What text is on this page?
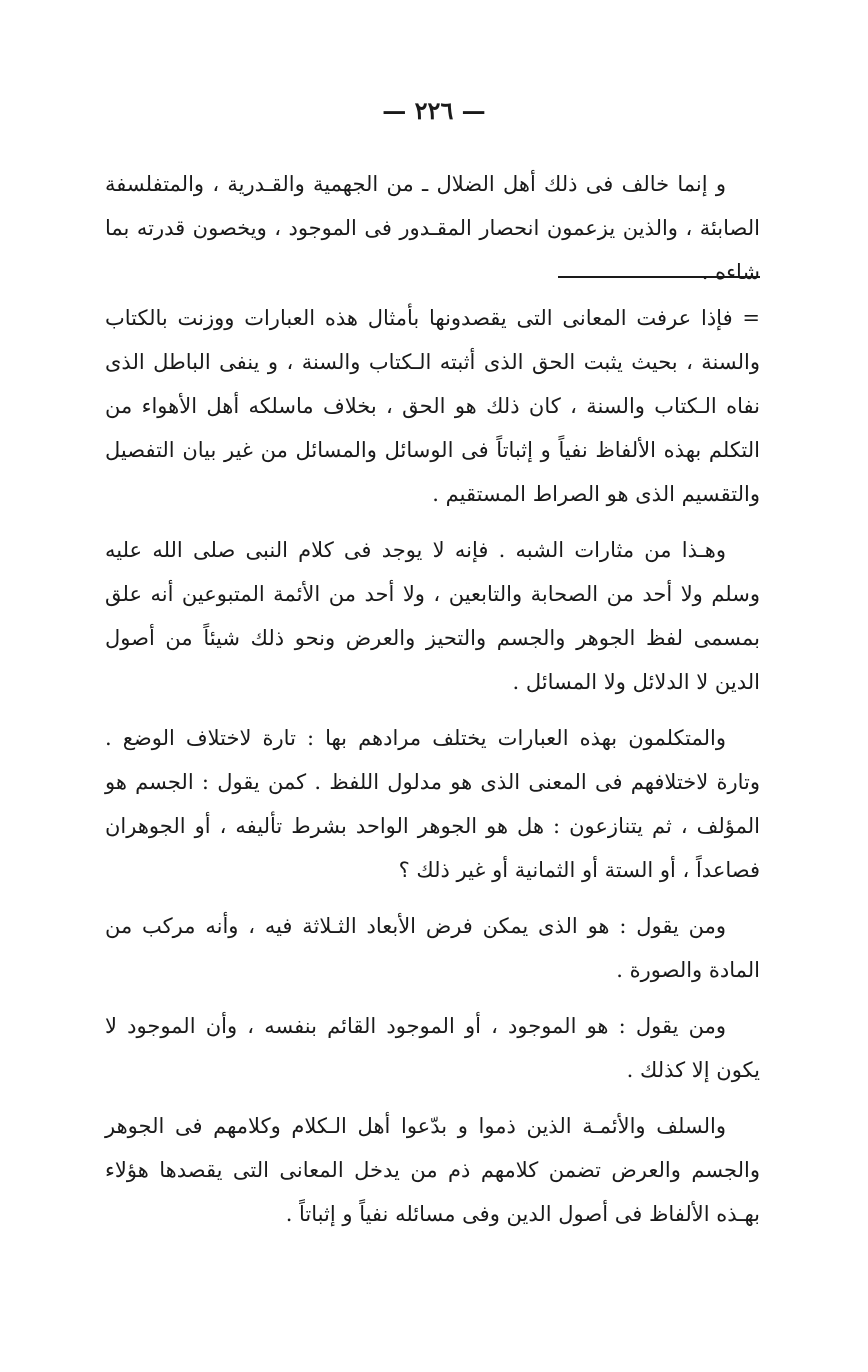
— ٢٢٦ —

و إنما خالف فى ذلك أهل الضلال ـ من الجهمية والقـدرية ، والمتفلسفة الصابئة ، والذين يزعمون انحصار المقـدور فى الموجود ، ويخصون قدرته بما شاءه .

= فإذا عرفت المعانى التى يقصدونها بأمثال هذه العبارات ووزنت بالكتاب والسنة ، بحيث يثبت الحق الذى أثبته الـكتاب والسنة ، و ينفى الباطل الذى نفاه الـكتاب والسنة ، كان ذلك هو الحق ، بخلاف ماسلكه أهل الأهواء من التكلم بهذه الألفاظ نفياً و إثباتاً فى الوسائل والمسائل من غير بيان التفصيل والتقسيم الذى هو الصراط المستقيم .

وهـذا من مثارات الشبه . فإنه لا يوجد فى كلام النبى صلى الله عليه وسلم ولا أحد من الصحابة والتابعين ، ولا أحد من الأئمة المتبوعين أنه علق بمسمى لفظ الجوهر والجسم والتحيز والعرض ونحو ذلك شيئاً من أصول الدين لا الدلائل ولا المسائل .

والمتكلمون بهذه العبارات يختلف مرادهم بها : تارة لاختلاف الوضع . وتارة لاختلافهم فى المعنى الذى هو مدلول اللفظ . كمن يقول : الجسم هو المؤلف ، ثم يتنازعون : هل هو الجوهر الواحد بشرط تأليفه ، أو الجوهران فصاعداً ، أو الستة أو الثمانية أو غير ذلك ؟

ومن يقول : هو الذى يمكن فرض الأبعاد الثـلاثة فيه ، وأنه مركب من المادة والصورة .

ومن يقول : هو الموجود ، أو الموجود القائم بنفسه ، وأن الموجود لا يكون إلا كذلك .

والسلف والأئمـة الذين ذموا و بدّعوا أهل الـكلام وكلامهم فى الجوهر والجسم والعرض تضمن كلامهم ذم من يدخل المعانى التى يقصدها هؤلاء بهـذه الألفاظ فى أصول الدين وفى مسائله نفياً و إثباتاً .
